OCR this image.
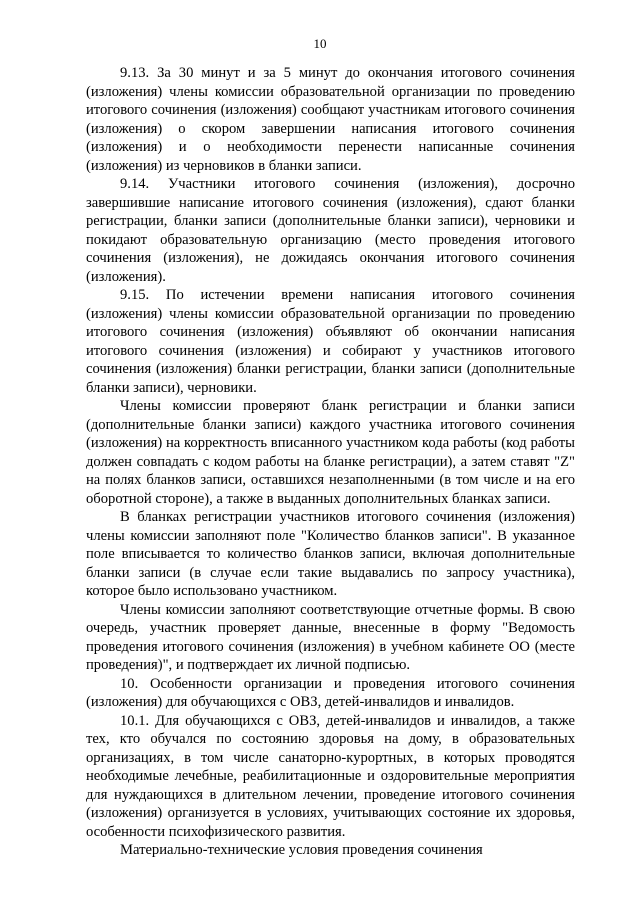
10

9.13. За 30 минут и за 5 минут до окончания итогового сочинения (изложения) члены комиссии образовательной организации по проведению итогового сочинения (изложения) сообщают участникам итогового сочинения (изложения) о скором завершении написания итогового сочинения (изложения) и о необходимости перенести написанные сочинения (изложения) из черновиков в бланки записи.

9.14. Участники итогового сочинения (изложения), досрочно завершившие написание итогового сочинения (изложения), сдают бланки регистрации, бланки записи (дополнительные бланки записи), черновики и покидают образовательную организацию (место проведения итогового сочинения (изложения), не дожидаясь окончания итогового сочинения (изложения).

9.15. По истечении времени написания итогового сочинения (изложения) члены комиссии образовательной организации по проведению итогового сочинения (изложения) объявляют об окончании написания итогового сочинения (изложения) и собирают у участников итогового сочинения (изложения) бланки регистрации, бланки записи (дополнительные бланки записи), черновики.

Члены комиссии проверяют бланк регистрации и бланки записи (дополнительные бланки записи) каждого участника итогового сочинения (изложения) на корректность вписанного участником кода работы (код работы должен совпадать с кодом работы на бланке регистрации), а затем ставят "Z" на полях бланков записи, оставшихся незаполненными (в том числе и на его оборотной стороне), а также в выданных дополнительных бланках записи.

В бланках регистрации участников итогового сочинения (изложения) члены комиссии заполняют поле "Количество бланков записи". В указанное поле вписывается то количество бланков записи, включая дополнительные бланки записи (в случае если такие выдавались по запросу участника), которое было использовано участником.

Члены комиссии заполняют соответствующие отчетные формы. В свою очередь, участник проверяет данные, внесенные в форму "Ведомость проведения итогового сочинения (изложения) в учебном кабинете ОО (месте проведения)", и подтверждает их личной подписью.

10. Особенности организации и проведения итогового сочинения (изложения) для обучающихся с ОВЗ, детей-инвалидов и инвалидов.

10.1. Для обучающихся с ОВЗ, детей-инвалидов и инвалидов, а также тех, кто обучался по состоянию здоровья на дому, в образовательных организациях, в том числе санаторно-курортных, в которых проводятся необходимые лечебные, реабилитационные и оздоровительные мероприятия для нуждающихся в длительном лечении, проведение итогового сочинения (изложения) организуется в условиях, учитывающих состояние их здоровья, особенности психофизического развития.

Материально-технические условия проведения сочинения
